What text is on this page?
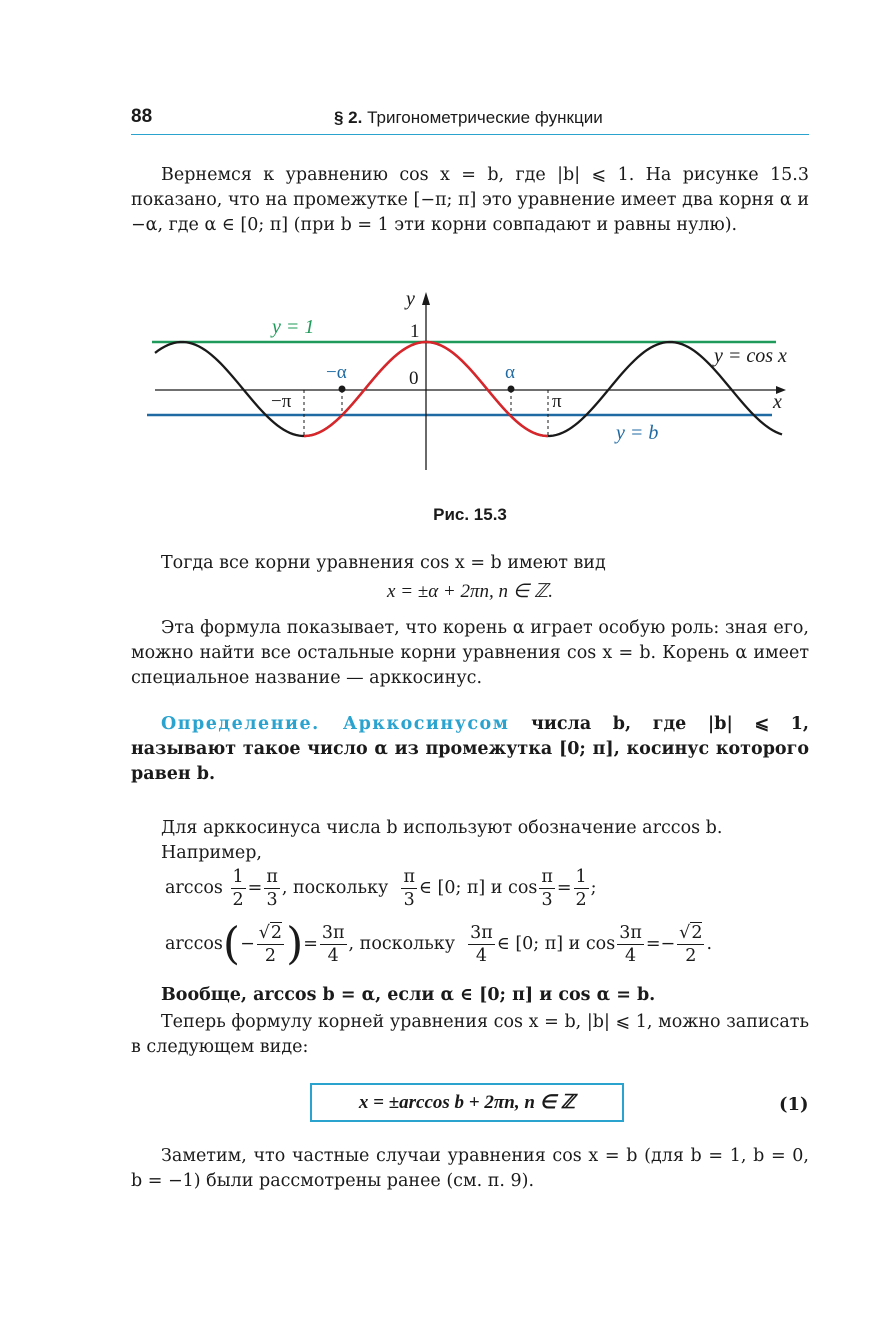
88	§ 2. Тригонометрические функции

Вернемся к уравнению cos x = b, где |b| ⩽ 1. На рисунке 15.3 показано, что на промежутке [−π; π] это уравнение имеет два корня α и −α, где α ∈ [0; π] (при b = 1 эти корни совпадают и равны нулю).

y
x
1
0
y = 1
y = cos x
y = b
−π	π
−α	α
Рис. 15.3

Тогда все корни уравнения cos x = b имеют вид

x = ±α + 2πn, n ∈ ℤ.

Эта формула показывает, что корень α играет особую роль: зная его, можно найти все остальные корни уравнения cos x = b. Корень α имеет специальное название — арккосинус.

Определение. Арккосинусом числа b, где |b| ⩽ 1, называют такое число α из промежутка [0; π], косинус которого равен b.

Для арккосинуса числа b используют обозначение arccos b.

Например,

$\arccos \frac{1}{2} = \frac{\pi}{3}$ , поскольку $\frac{\pi}{3}$ ∈ [0; π] и $\cos \frac{\pi}{3} = \frac{1}{2}$ ;
$\arccos(- \frac{√2}{2}$ )= $\frac{3\pi}{4}$ , поскольку $\frac{3\pi}{4}$ ∈ [0; π] и $\cos \frac{3\pi}{4} =- \frac{√2}{2}$ .

Вообще, arccos b = α, если α ∈ [0; π] и cos α = b.

Теперь формулу корней уравнения cos x = b, |b| ⩽ 1, можно записать в следующем виде:

x = ±arccos b + 2πn, n ∈ ℤ	(1)

Заметим, что частные случаи уравнения cos x = b (для b = 1, b = 0, b = −1) были рассмотрены ранее (см. п. 9).
